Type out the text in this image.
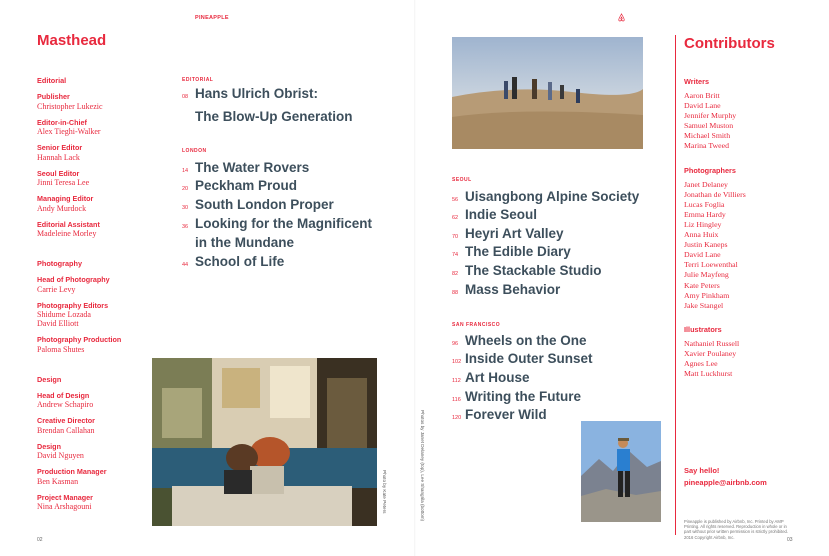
PINEAPPLE
Masthead

Editorial

Publisher

Christopher Lukezic

Editor-in-Chief

Alex Tieghi-Walker

Senior Editor

Hannah Lack

Seoul Editor

Jinni Teresa Lee

Managing Editor

Andy Murdock

Editorial Assistant

Madeleine Morley

Photography

Head of Photography

Carrie Levy

Photography Editors

Shidume Lozada
David Elliott

Photography Production

Paloma Shutes

Design

Head of Design

Andrew Schapiro

Creative Director

Brendan Callahan

Design

David Nguyen

Production Manager

Ben Kasman

Project Manager

Nina Arshagouni

EDITORIAL
08 Hans Ulrich Obrist:
The Blow-Up Generation
LONDON
14 The Water Rovers
20 Peckham Proud
30 South London Proper
36 Looking for the Magnificent
in the Mundane
44 School of Life
Photo by Kate Peters	Photos by Janet Delaney (top), Lee Shangrila (bottom)
02
SEOUL
56 Uisangbong Alpine Society
62 Indie Seoul
70 Heyri Art Valley
74 The Edible Diary
82 The Stackable Studio
88 Mass Behavior
SAN FRANCISCO
96 Wheels on the One
102 Inside Outer Sunset
112 Art House
116 Writing the Future
120 Forever Wild
03
Contributors

Writers

Aaron Britt

David Lane

Jennifer Murphy

Samuel Muston

Michael Smith

Marina Tweed

Photographers

Janet Delaney

Jonathan de Villiers

Lucas Foglia

Emma Hardy

Liz Hingley

Anna Huix

Justin Kaneps

David Lane

Terri Loewenthal

Julie Mayfeng

Kate Peters

Amy Pinkham

Jake Stangel

Illustrators

Nathaniel Russell

Xavier Poulaney

Agnes Lee

Matt Luckhurst

Say hello!
pineapple@airbnb.com
Pineapple is published by Airbnb, Inc. Printed by AMP Printing. All rights reserved. Reproduction in whole or in part without prior written permission is strictly prohibited. 2016 Copyright Airbnb, Inc.
